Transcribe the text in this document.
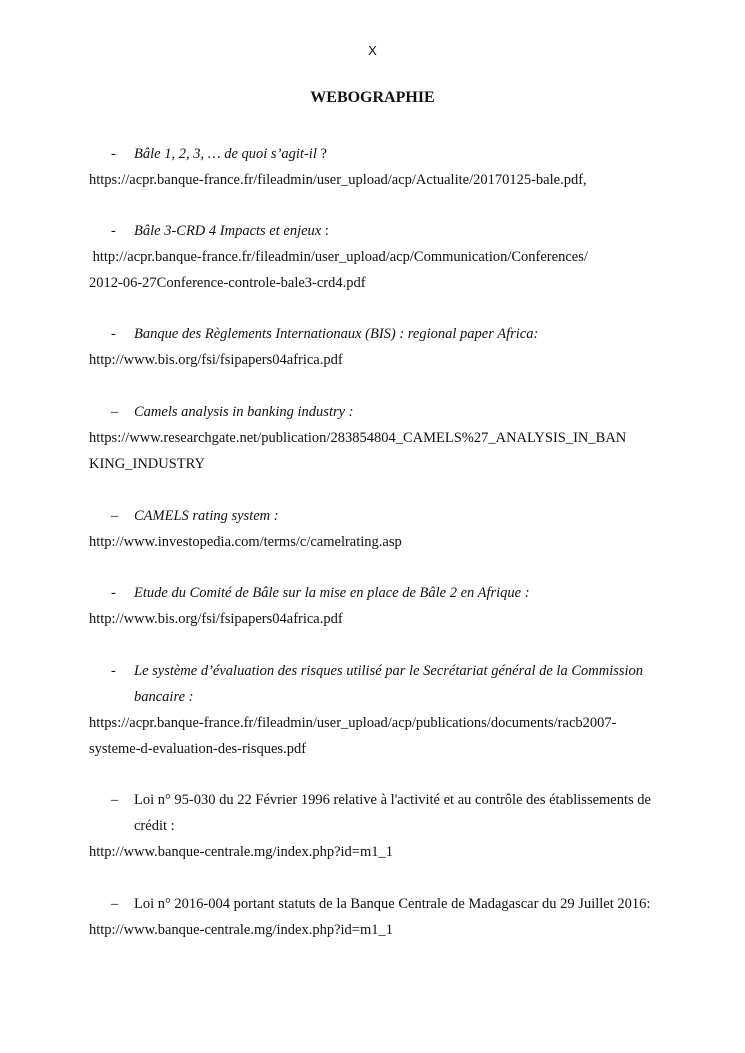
X
WEBOGRAPHIE
- Bâle 1, 2, 3, … de quoi s’agit-il ?
https://acpr.banque-france.fr/fileadmin/user_upload/acp/Actualite/20170125-bale.pdf,
- Bâle 3-CRD 4 Impacts et enjeux :
http://acpr.banque-france.fr/fileadmin/user_upload/acp/Communication/Conferences/
2012-06-27Conference-controle-bale3-crd4.pdf
- Banque des Règlements Internationaux (BIS) : regional paper Africa:
http://www.bis.org/fsi/fsipapers04africa.pdf
– Camels analysis in banking industry :
https://www.researchgate.net/publication/283854804_CAMELS%27_ANALYSIS_IN_BAN
KING_INDUSTRY
– CAMELS rating system :
http://www.investopedia.com/terms/c/camelrating.asp
- Etude du Comité de Bâle sur la mise en place de Bâle 2 en Afrique :
http://www.bis.org/fsi/fsipapers04africa.pdf
- Le système d’évaluation des risques utilisé par le Secrétariat général de la Commission bancaire :
https://acpr.banque-france.fr/fileadmin/user_upload/acp/publications/documents/racb2007-
systeme-d-evaluation-des-risques.pdf
– Loi n° 95-030 du 22 Février 1996 relative à l'activité et au contrôle des établissements de crédit :
http://www.banque-centrale.mg/index.php?id=m1_1
– Loi n° 2016-004 portant statuts de la Banque Centrale de Madagascar du 29 Juillet 2016:
http://www.banque-centrale.mg/index.php?id=m1_1
